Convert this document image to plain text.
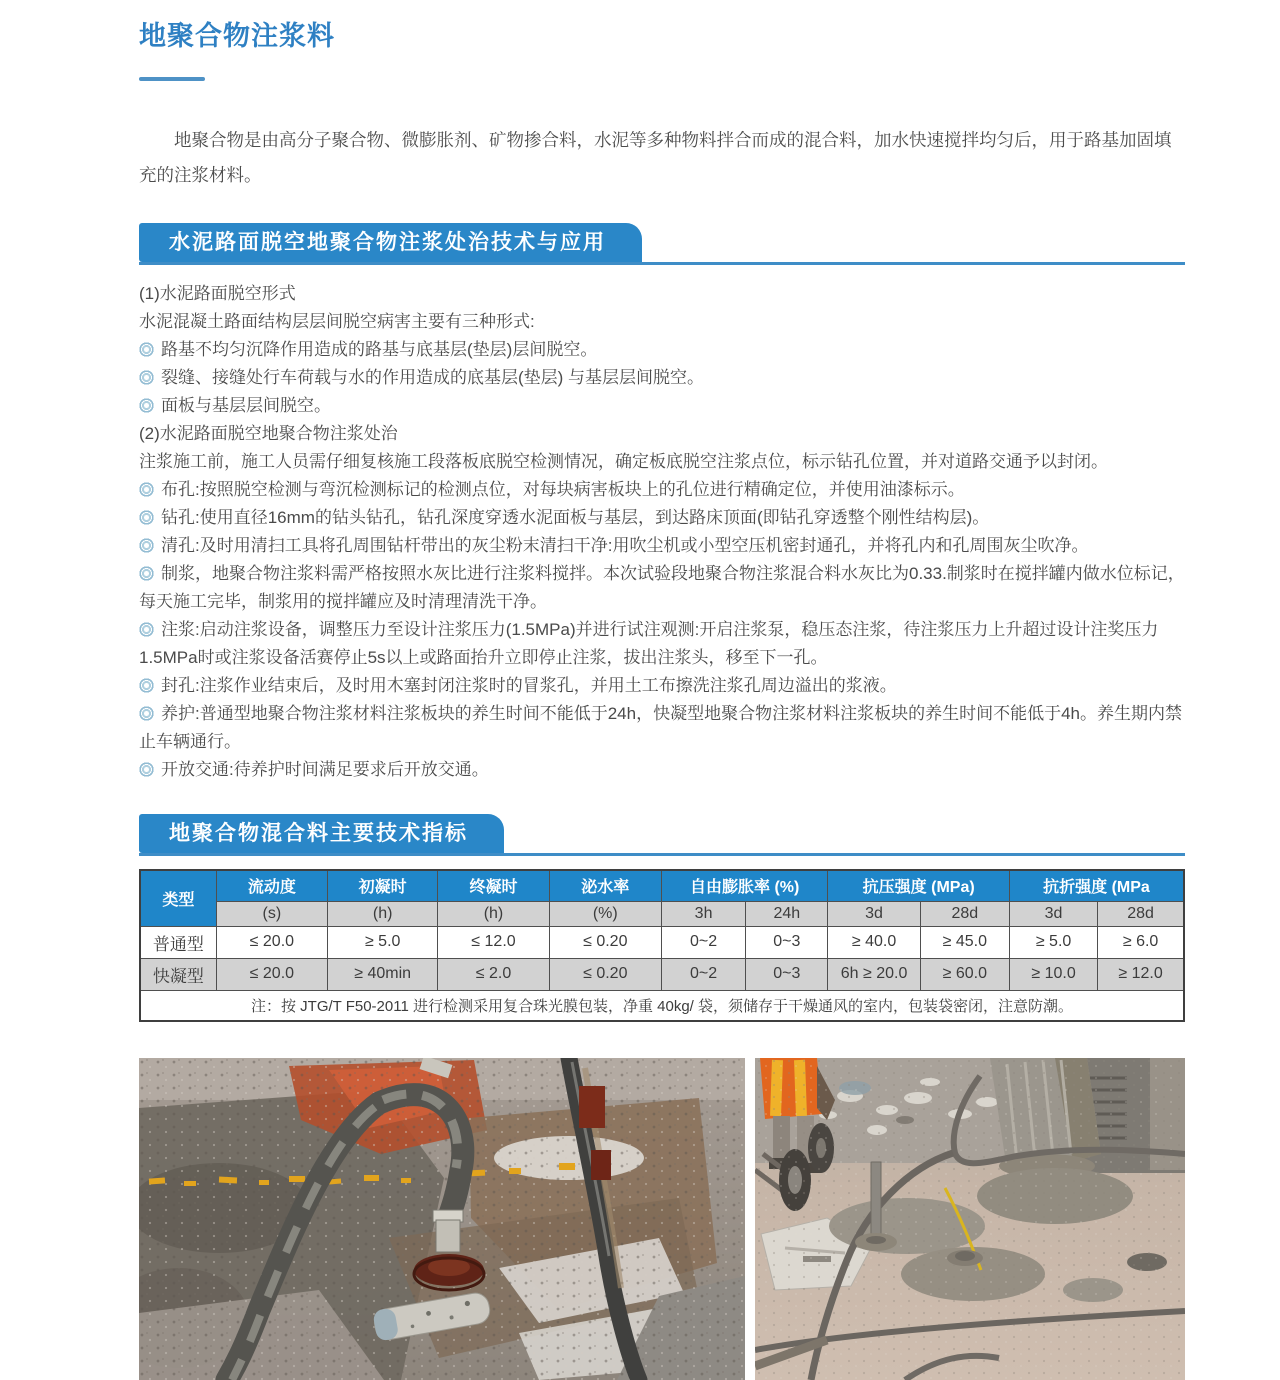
地聚合物注浆料

地聚合物是由高分子聚合物、微膨胀剂、矿物掺合料，水泥等多种物料拌合而成的混合料，加水快速搅拌均匀后，用于路基加固填充的注浆材料。

水泥路面脱空地聚合物注浆处治技术与应用
(1)水泥路面脱空形式
水泥混凝土路面结构层层间脱空病害主要有三种形式:
路基不均匀沉降作用造成的路基与底基层(垫层)层间脱空。
裂缝、接缝处行车荷载与水的作用造成的底基层(垫层) 与基层层间脱空。
面板与基层层间脱空。
(2)水泥路面脱空地聚合物注浆处治
注浆施工前，施工人员需仔细复核施工段落板底脱空检测情况，确定板底脱空注浆点位，标示钻孔位置，并对道路交通予以封闭。
布孔:按照脱空检测与弯沉检测标记的检测点位，对每块病害板块上的孔位进行精确定位，并使用油漆标示。
钻孔:使用直径16mm的钻头钻孔，钻孔深度穿透水泥面板与基层，到达路床顶面(即钻孔穿透整个刚性结构层)。
清孔:及时用清扫工具将孔周围钻杆带出的灰尘粉末清扫干净:用吹尘机或小型空压机密封通孔，并将孔内和孔周围灰尘吹净。
制浆，地聚合物注浆料需严格按照水灰比进行注浆料搅拌。本次试验段地聚合物注浆混合料水灰比为0.33.制浆时在搅拌罐内做水位标记，每天施工完毕，制浆用的搅拌罐应及时清理清洗干净。
注浆:启动注浆设备，调整压力至设计注浆压力(1.5MPa)并进行试注观测:开启注浆泵，稳压态注浆，待注浆压力上升超过设计注奖压力1.5MPa时或注浆设备活赛停止5s以上或路面抬升立即停止注浆，拔出注浆头，移至下一孔。
封孔:注浆作业结束后，及时用木塞封闭注浆时的冒浆孔，并用土工布擦洗注浆孔周边溢出的浆液。
养护:普通型地聚合物注浆材料注浆板块的养生时间不能低于24h，快凝型地聚合物注浆材料注浆板块的养生时间不能低于4h。养生期内禁止车辆通行。
开放交通:待养护时间满足要求后开放交通。
地聚合物混合料主要技术指标
类型	流动度	初凝时	终凝时	泌水率	自由膨胀率 (%)		抗压强度 (MPa)		抗折强度 (MPa	
	(s)	(h)	(h)	(%)	3h	24h	3d	28d	3d	28d
普通型	≤ 20.0	≥ 5.0	≤ 12.0	≤ 0.20	0~2	0~3	≥ 40.0	≥ 45.0	≥ 5.0	≥ 6.0
快凝型	≤ 20.0	≥ 40min	≤ 2.0	≤ 0.20	0~2	0~3	6h ≥ 20.0	≥ 60.0	≥ 10.0	≥ 12.0
注：按 JTG/T F50-2011 进行检测采用复合珠光膜包装，净重 40kg/ 袋，须储存于干燥通风的室内，包装袋密闭，注意防潮。										
